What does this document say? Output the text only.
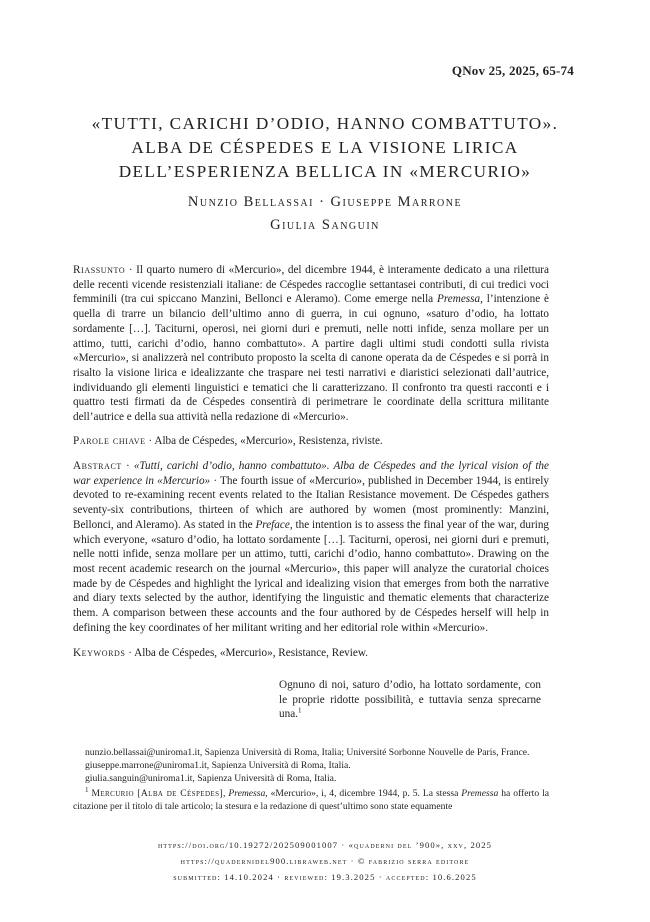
QNov 25, 2025, 65-74
«TUTTI, CARICHI D’ODIO, HANNO COMBATTUTO».
ALBA DE CÉSPEDES E LA VISIONE LIRICA
DELL’ESPERIENZA BELLICA IN «MERCURIO»
Nunzio Bellassai · Giuseppe Marrone
Giulia Sanguin
Riassunto · Il quarto numero di «Mercurio», del dicembre 1944, è interamente dedicato a una rilettura delle recenti vicende resistenziali italiane: de Céspedes raccoglie settantasei contributi, di cui tredici voci femminili (tra cui spiccano Manzini, Bellonci e Aleramo). Come emerge nella Premessa, l’intenzione è quella di trarre un bilancio dell’ultimo anno di guerra, in cui ognuno, «saturo d’odio, ha lottato sordamente […]. Taciturni, operosi, nei giorni duri e premuti, nelle notti infide, senza mollare per un attimo, tutti, carichi d’odio, hanno combattuto». A partire dagli ultimi studi condotti sulla rivista «Mercurio», si analizzerà nel contributo proposto la scelta di canone operata da de Céspedes e si porrà in risalto la visione lirica e idealizzante che traspare nei testi narrativi e diaristici selezionati dall’autrice, individuando gli elementi linguistici e tematici che li caratterizzano. Il confronto tra questi racconti e i quattro testi firmati da de Céspedes consentirà di perimetrare le coordinate della scrittura militante dell’autrice e della sua attività nella redazione di «Mercurio».
Parole chiave · Alba de Céspedes, «Mercurio», Resistenza, riviste.
Abstract · «Tutti, carichi d’odio, hanno combattuto». Alba de Céspedes and the lyrical vision of the war experience in «Mercurio» · The fourth issue of «Mercurio», published in December 1944, is entirely devoted to re-examining recent events related to the Italian Resistance movement. De Céspedes gathers seventy-six contributions, thirteen of which are authored by women (most prominently: Manzini, Bellonci, and Aleramo). As stated in the Preface, the intention is to assess the final year of the war, during which everyone, «saturo d’odio, ha lottato sordamente […]. Taciturni, operosi, nei giorni duri e premuti, nelle notti infide, senza mollare per un attimo, tutti, carichi d’odio, hanno combattuto». Drawing on the most recent academic research on the journal «Mercurio», this paper will analyze the curatorial choices made by de Céspedes and highlight the lyrical and idealizing vision that emerges from both the narrative and diary texts selected by the author, identifying the linguistic and thematic elements that characterize them. A comparison between these accounts and the four authored by de Céspedes herself will help in defining the key coordinates of her militant writing and her editorial role within «Mercurio».
Keywords · Alba de Céspedes, «Mercurio», Resistance, Review.
Ognuno di noi, saturo d’odio, ha lottato sordamente, con le proprie ridotte possibilità, e tuttavia senza sprecarne una.$^1$

nunzio.bellassai@uniroma1.it, Sapienza Università di Roma, Italia; Université Sorbonne Nouvelle de Paris, France.

giuseppe.marrone@uniroma1.it, Sapienza Università di Roma, Italia.

giulia.sanguin@uniroma1.it, Sapienza Università di Roma, Italia.

$^1$ Mercurio [Alba de Céspedes], Premessa, «Mercurio», i, 4, dicembre 1944, p. 5. La stessa Premessa ha offerto la citazione per il titolo di tale articolo; la stesura e la redazione di quest’ultimo sono state equamente

https://doi.org/10.19272/202509001007 · «quaderni del ’900», xxv, 2025
https://quadernidel900.libraweb.net · © fabrizio serra editore
submitted: 14.10.2024 · reviewed: 19.3.2025 · accepted: 10.6.2025
